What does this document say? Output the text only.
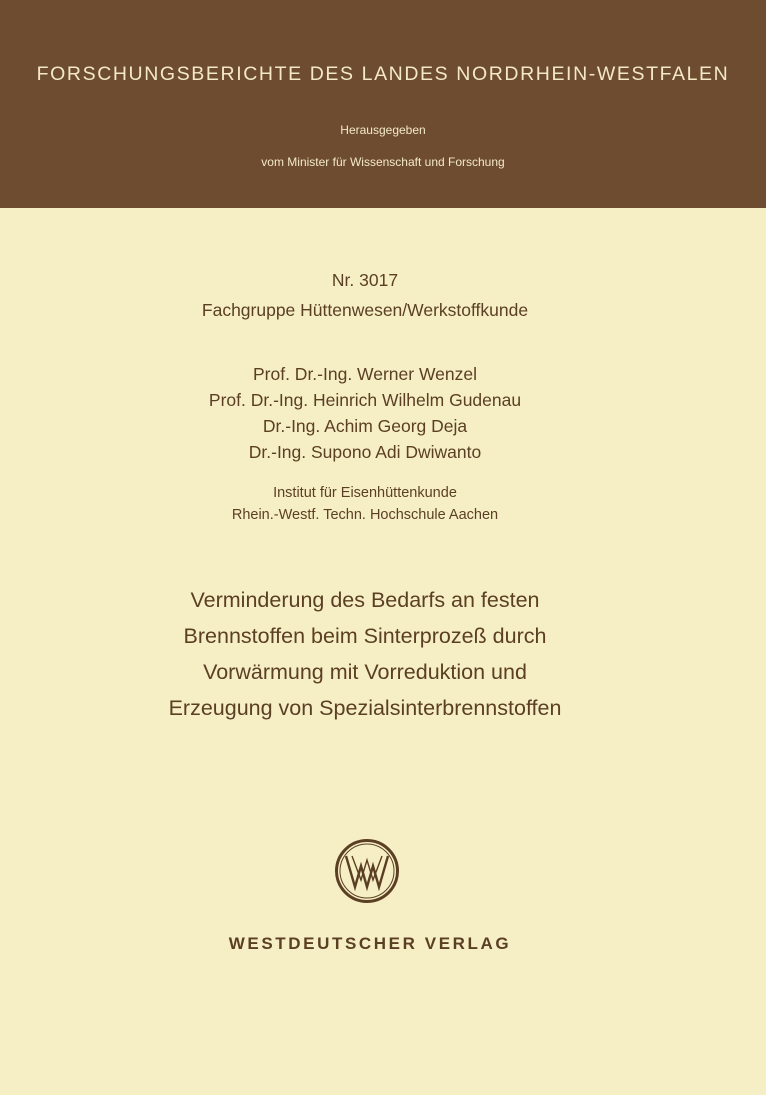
FORSCHUNGSBERICHTE DES LANDES NORDRHEIN-WESTFALEN
Herausgegeben
vom Minister für Wissenschaft und Forschung
Nr. 3017
Fachgruppe Hüttenwesen/Werkstoffkunde
Prof. Dr.-Ing. Werner Wenzel
Prof. Dr.-Ing. Heinrich Wilhelm Gudenau
Dr.-Ing. Achim Georg Deja
Dr.-Ing. Supono Adi Dwiwanto
Institut für Eisenhüttenkunde
Rhein.-Westf. Techn. Hochschule Aachen
Verminderung des Bedarfs an festen
Brennstoffen beim Sinterprozeß durch
Vorwärmung mit Vorreduktion und
Erzeugung von Spezialsinterbrennstoffen
WESTDEUTSCHER VERLAG
